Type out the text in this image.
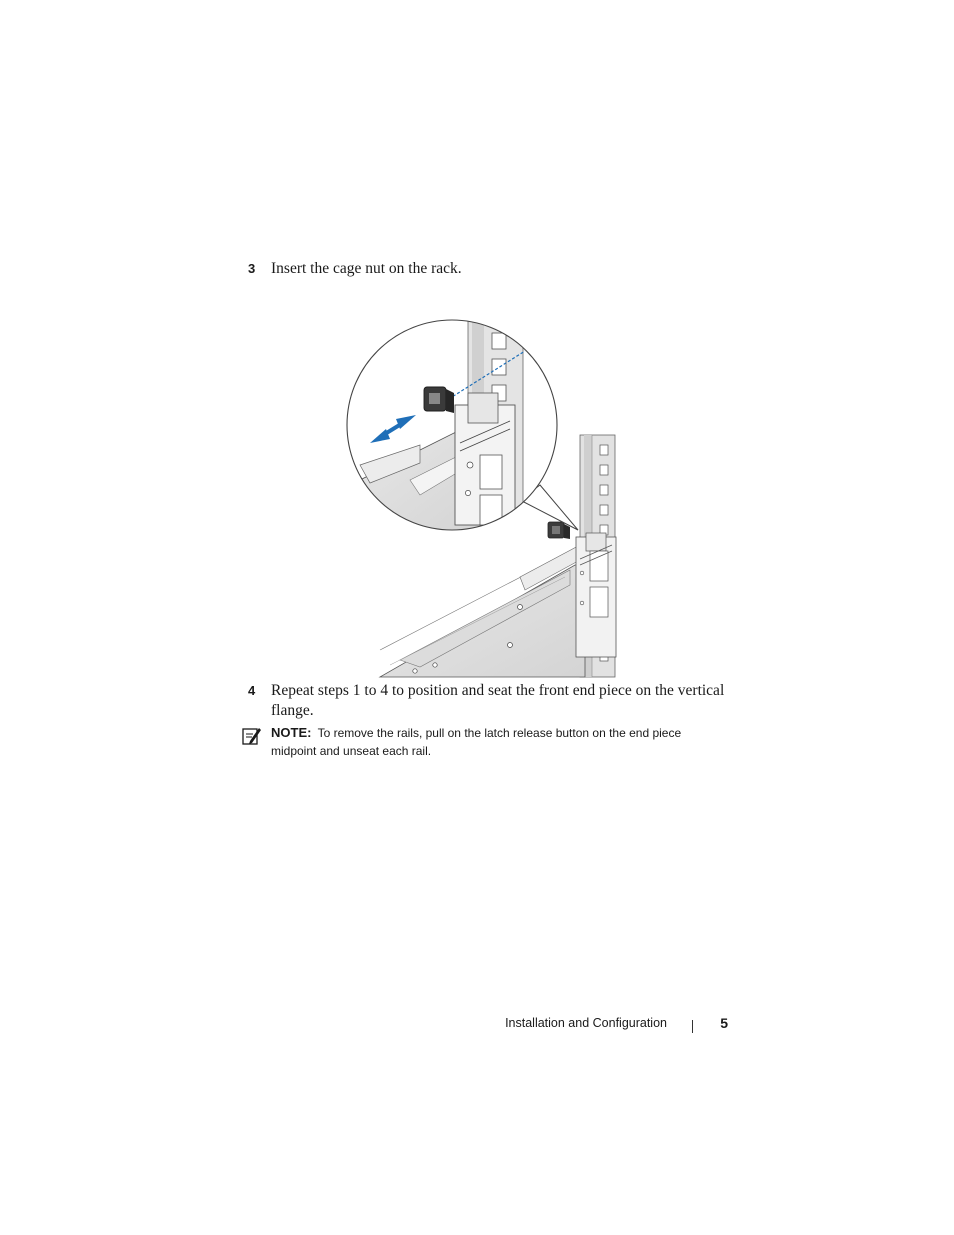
3 Insert the cage nut on the rack.
4 Repeat steps 1 to 4 to position and seat the front end piece on the vertical flange.
NOTE: To remove the rails, pull on the latch release button on the end piece midpoint and unseat each rail.
Installation and Configuration	5
